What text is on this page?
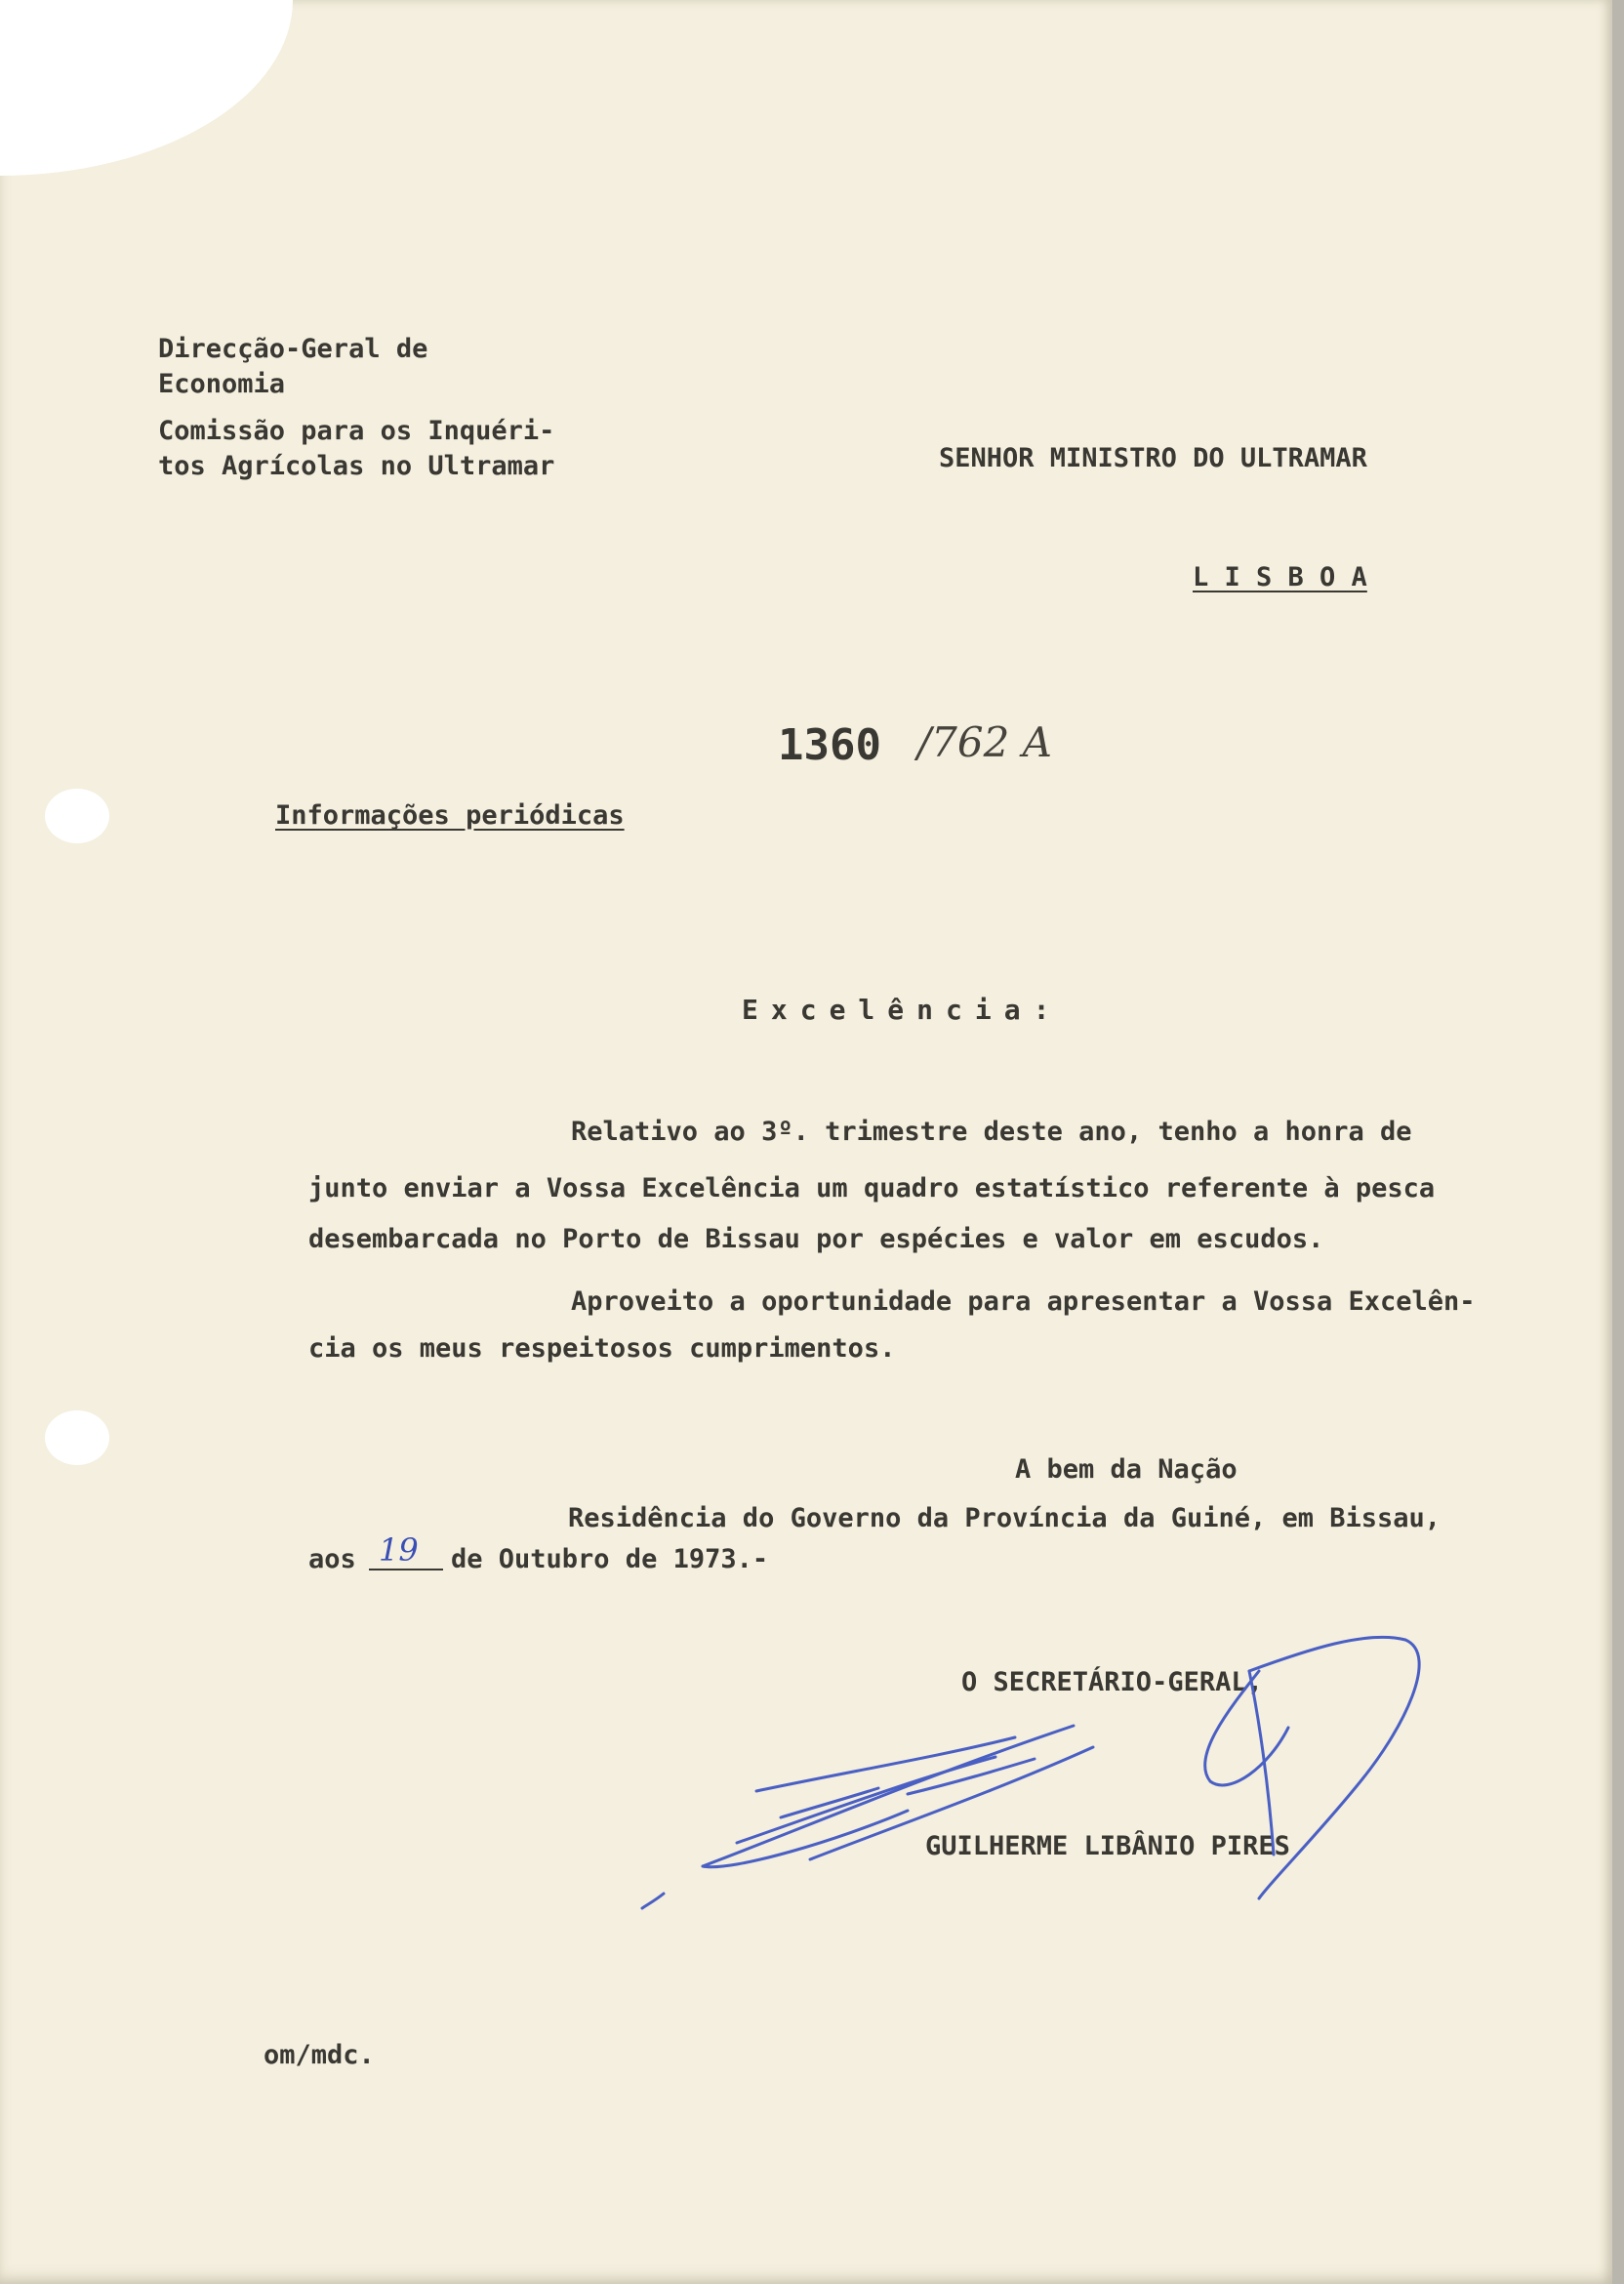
Direcção-Geral de

Economia

Comissão para os Inquéri-

tos Agrícolas no Ultramar	SENHOR MINISTRO DO ULTRAMAR

L I S B O A

1360 /762 A

Informações periódicas

Excelência:

Relativo ao 3º. trimestre deste ano, tenho a honra de

junto enviar a Vossa Excelência um quadro estatístico referente à pesca

desembarcada no Porto de Bissau por espécies e valor em escudos.

Aproveito a oportunidade para apresentar a Vossa Excelên-

cia os meus respeitosos cumprimentos.

A bem da Nação

Residência do Governo da Província da Guiné, em Bissau,

aos 19 de Outubro de 1973.-

O SECRETÁRIO-GERAL,

GUILHERME LIBÂNIO PIRES

om/mdc.
